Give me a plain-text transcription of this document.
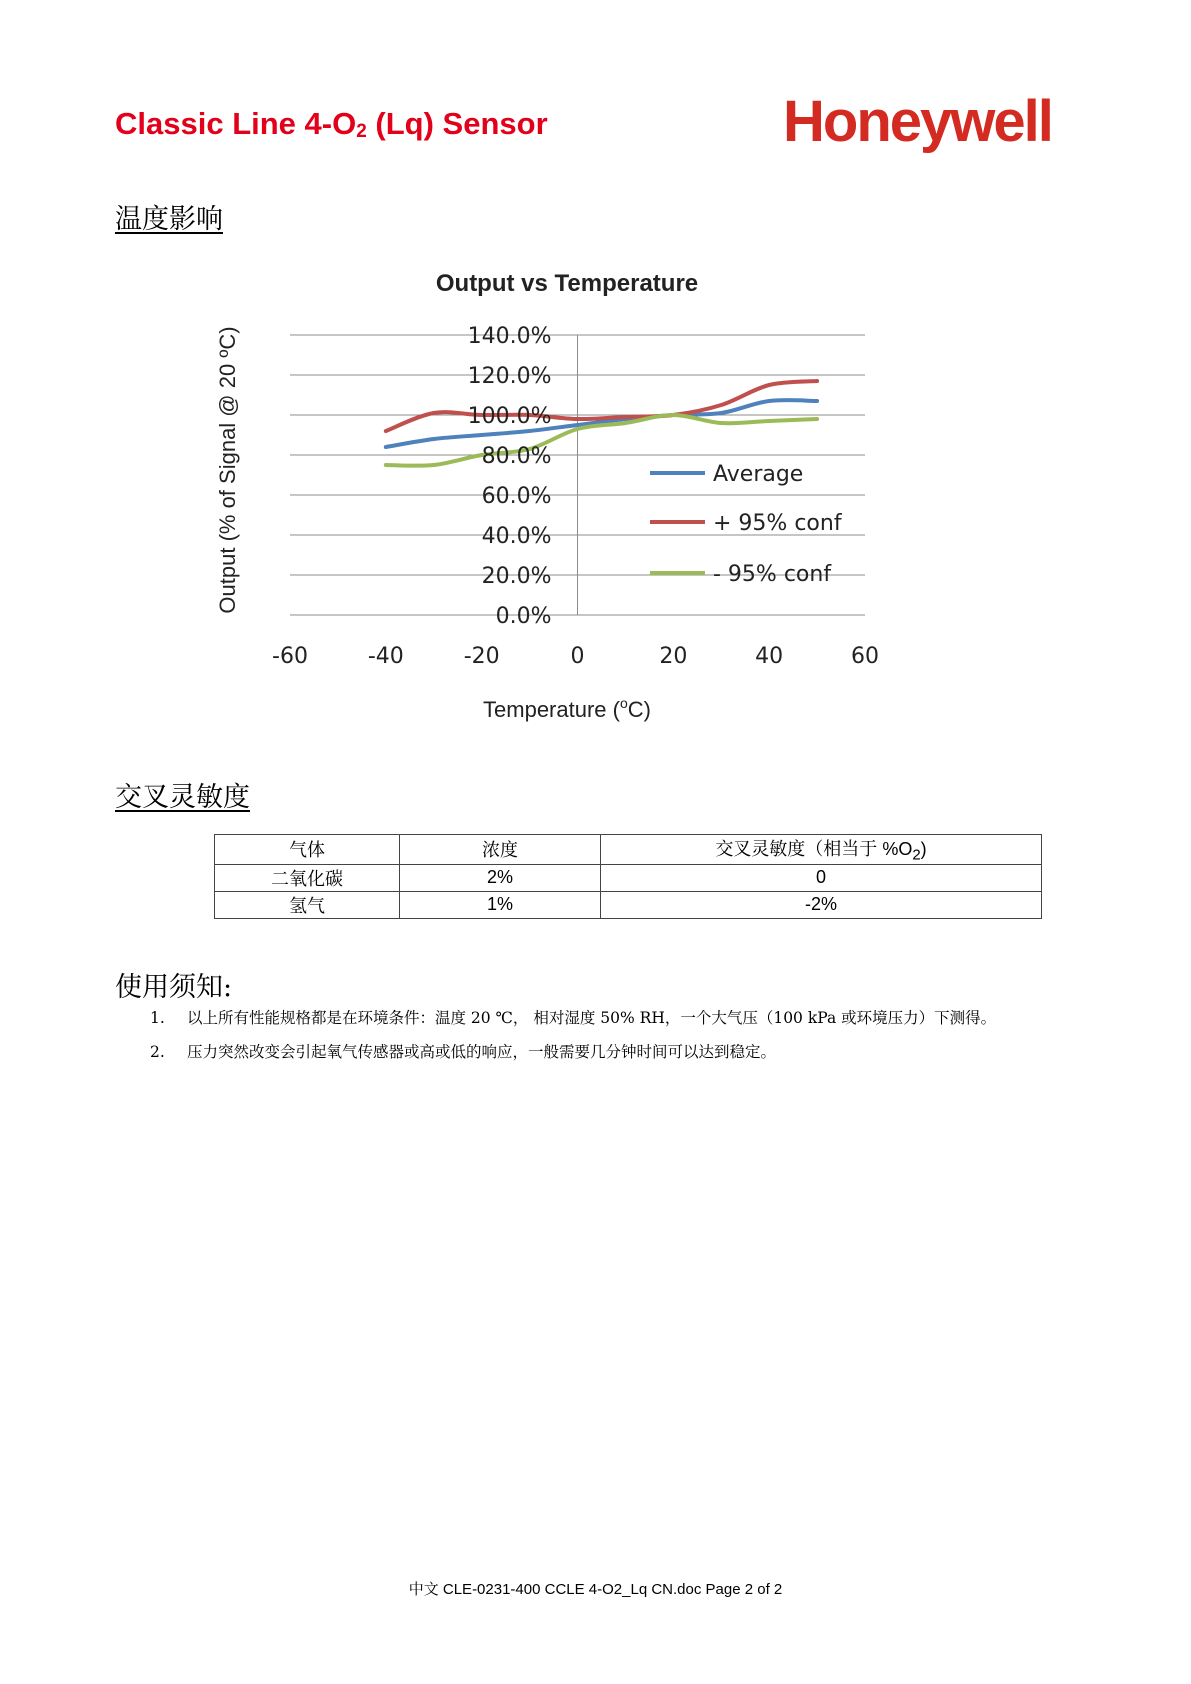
Classic Line $4-O_2$ (Lq) Sensor	Honeywell
温度影响
0.0%
20.0%
40.0%
60.0%
80.0%
100.0%
120.0%
140.0%
-60	-40	-20	0	20	40	60
Average
+ 95% conf
- 95% conf
Output vs Temperature
Temperature ($^o$C)
Output (% of Signal @ 20 ºC)
交叉灵敏度
气体	浓度	交叉灵敏度（相当于 $\%O_2$)
二氧化碳	2%	0
氢气	1%	-2%
使用须知:
1. 以上所有性能规格都是在环境条件：温度 20 ℃， 相对湿度 50% RH，一个大气压（100 kPa 或环境压力）下测得。
2. 压力突然改变会引起氧气传感器或高或低的响应，一般需要几分钟时间可以达到稳定。
中文 CLE-0231-400 CCLE 4-O2_Lq CN.doc Page 2 of 2
